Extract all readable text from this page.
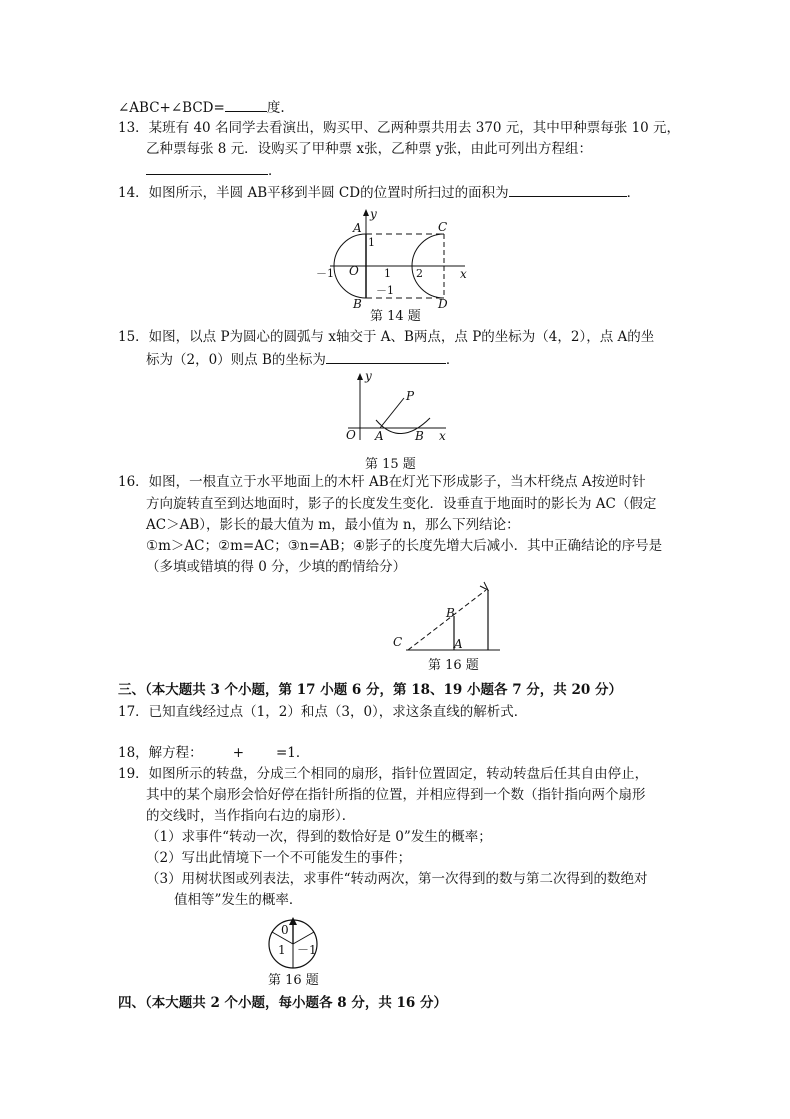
∠ABC+∠BCD=	度.
13．某班有 40 名同学去看演出，购买甲、乙两种票共用去 370 元，其中甲种票每张 10 元，
乙种票每张 8 元．设购买了甲种票 x张，乙种票 y张，由此可列出方程组：
．
14．如图所示，半圆 AB平移到半圆 CD的位置时所扫过的面积为	．
y
x
A	C
B	D
O
1
1 2
－1
－1
第 14 题
15．如图，以点 P为圆心的圆弧与 x轴交于 A、B两点，点 P的坐标为（4，2），点 A的坐
标为（2，0）则点 B的坐标为	．
y
x
O A	B
P
第 15 题
16．如图，一根直立于水平地面上的木杆 AB在灯光下形成影子，当木杆绕点 A按逆时针
方向旋转直至到达地面时，影子的长度发生变化．设垂直于地面时的影长为 AC（假定
AC＞AB），影长的最大值为 m，最小值为 n，那么下列结论：
①m＞AC；②m=AC；③n=AB；④影子的长度先增大后减小．其中正确结论的序号是
（多填或错填的得 0 分，少填的酌情给分）
C
B
A
第 16 题
三、（本大题共 3 个小题，第 17 小题 6 分，第 18、19 小题各 7 分，共 20 分）
17．已知直线经过点（1，2）和点（3，0），求这条直线的解析式．
18，解方程： + =1．
19．如图所示的转盘，分成三个相同的扇形，指针位置固定，转动转盘后任其自由停止，
其中的某个扇形会恰好停在指针所指的位置，并相应得到一个数（指针指向两个扇形
的交线时，当作指向右边的扇形）．
（1）求事件“转动一次，得到的数恰好是 0”发生的概率；
（2）写出此情境下一个不可能发生的事件；
（3）用树状图或列表法，求事件“转动两次，第一次得到的数与第二次得到的数绝对
值相等”发生的概率．
0
1 －1
第 16 题
四、（本大题共 2 个小题，每小题各 8 分，共 16 分）
